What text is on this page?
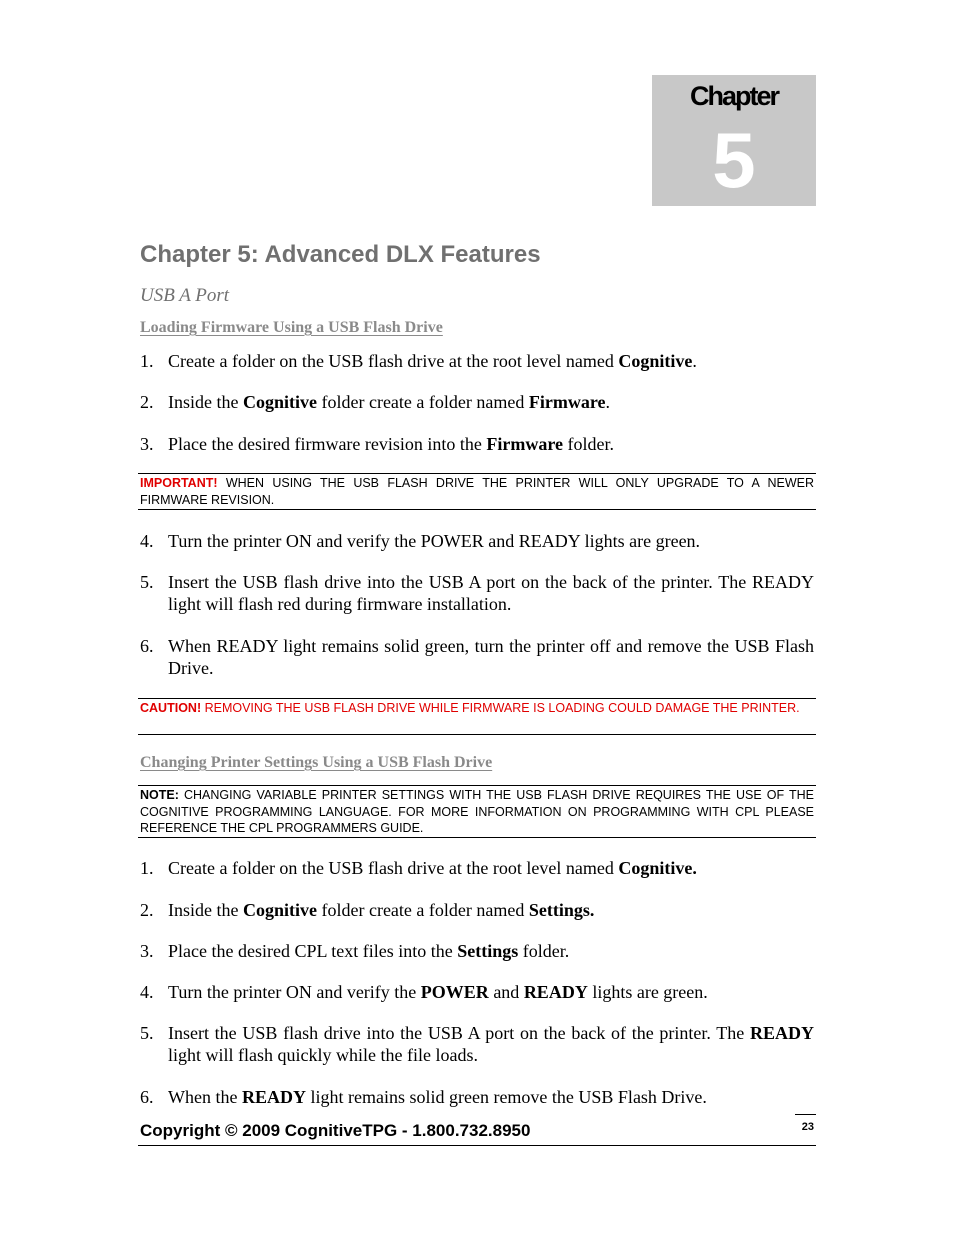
Chapter
5
Chapter 5: Advanced DLX Features
USB A Port
Loading Firmware Using a USB Flash Drive
1. Create a folder on the USB flash drive at the root level named Cognitive.
2. Inside the Cognitive folder create a folder named Firmware.
3. Place the desired firmware revision into the Firmware folder.
IMPORTANT! WHEN USING THE USB FLASH DRIVE THE PRINTER WILL ONLY UPGRADE TO A NEWER FIRMWARE REVISION.
4. Turn the printer ON and verify the POWER and READY lights are green.
5. Insert the USB flash drive into the USB A port on the back of the printer. The READY light will flash red during firmware installation.
6. When READY light remains solid green, turn the printer off and remove the USB Flash Drive.
CAUTION! REMOVING THE USB FLASH DRIVE WHILE FIRMWARE IS LOADING COULD DAMAGE THE PRINTER.
Changing Printer Settings Using a USB Flash Drive
NOTE: CHANGING VARIABLE PRINTER SETTINGS WITH THE USB FLASH DRIVE REQUIRES THE USE OF THE COGNITIVE PROGRAMMING LANGUAGE. FOR MORE INFORMATION ON PROGRAMMING WITH CPL PLEASE REFERENCE THE CPL PROGRAMMERS GUIDE.
1. Create a folder on the USB flash drive at the root level named Cognitive.
2. Inside the Cognitive folder create a folder named Settings.
3. Place the desired CPL text files into the Settings folder.
4. Turn the printer ON and verify the POWER and READY lights are green.
5. Insert the USB flash drive into the USB A port on the back of the printer. The READY light will flash quickly while the file loads.
6. When the READY light remains solid green remove the USB Flash Drive.
Copyright © 2009 CognitiveTPG - 1.800.732.8950	23
